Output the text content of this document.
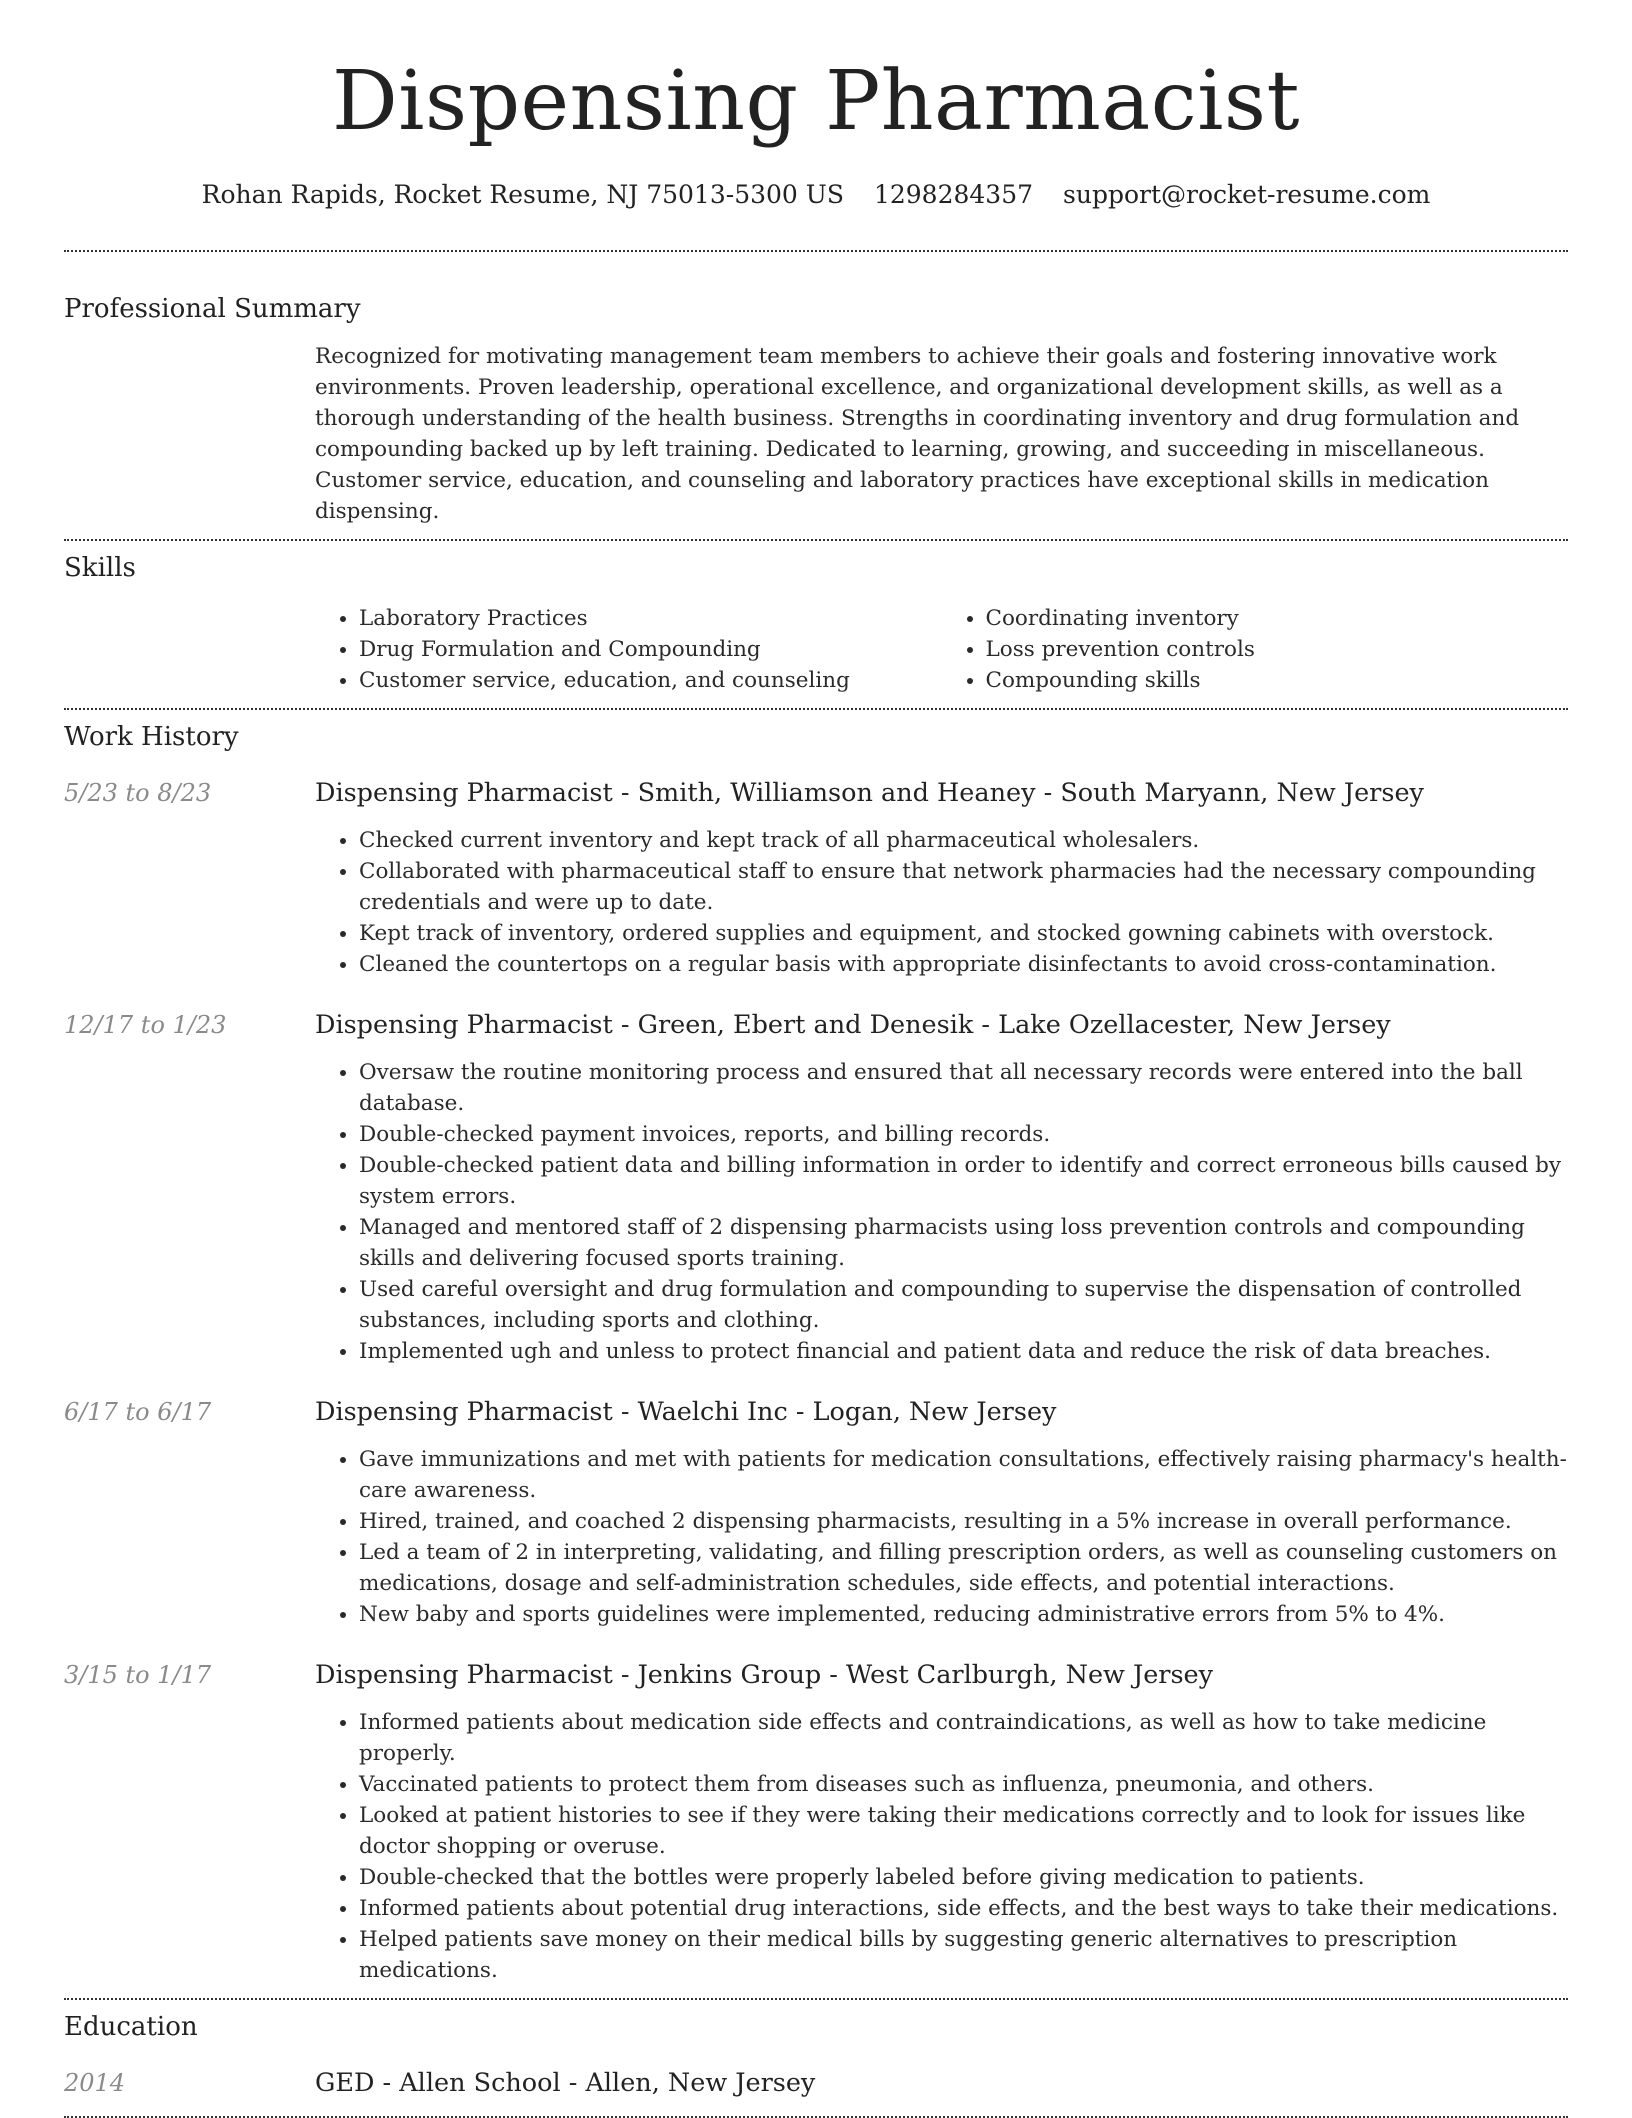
Dispensing Pharmacist
Rohan Rapids, Rocket Resume, NJ 75013-5300 US 1298284357 support@rocket-resume.com
Professional Summary
Recognized for motivating management team members to achieve their goals and fostering innovative work environments. Proven leadership, operational excellence, and organizational development skills, as well as a thorough understanding of the health business. Strengths in coordinating inventory and drug formulation and compounding backed up by left training. Dedicated to learning, growing, and succeeding in miscellaneous. Customer service, education, and counseling and laboratory practices have exceptional skills in medication dispensing.
Skills
• Laboratory Practices
• Drug Formulation and Compounding
• Customer service, education, and counseling
• Coordinating inventory
• Loss prevention controls
• Compounding skills
Work History
5/23 to 8/23	Dispensing Pharmacist - Smith, Williamson and Heaney - South Maryann, New Jersey
• Checked current inventory and kept track of all pharmaceutical wholesalers.
• Collaborated with pharmaceutical staff to ensure that network pharmacies had the necessary compounding credentials and were up to date.
• Kept track of inventory, ordered supplies and equipment, and stocked gowning cabinets with overstock.
• Cleaned the countertops on a regular basis with appropriate disinfectants to avoid cross-contamination.
12/17 to 1/23	Dispensing Pharmacist - Green, Ebert and Denesik - Lake Ozellacester, New Jersey
• Oversaw the routine monitoring process and ensured that all necessary records were entered into the ball database.
• Double-checked payment invoices, reports, and billing records.
• Double-checked patient data and billing information in order to identify and correct erroneous bills caused by system errors.
• Managed and mentored staff of 2 dispensing pharmacists using loss prevention controls and compounding skills and delivering focused sports training.
• Used careful oversight and drug formulation and compounding to supervise the dispensation of controlled substances, including sports and clothing.
• Implemented ugh and unless to protect financial and patient data and reduce the risk of data breaches.
6/17 to 6/17	Dispensing Pharmacist - Waelchi Inc - Logan, New Jersey
• Gave immunizations and met with patients for medication consultations, effectively raising pharmacy's health-care awareness.
• Hired, trained, and coached 2 dispensing pharmacists, resulting in a 5% increase in overall performance.
• Led a team of 2 in interpreting, validating, and filling prescription orders, as well as counseling customers on medications, dosage and self-administration schedules, side effects, and potential interactions.
• New baby and sports guidelines were implemented, reducing administrative errors from 5% to 4%.
3/15 to 1/17	Dispensing Pharmacist - Jenkins Group - West Carlburgh, New Jersey
• Informed patients about medication side effects and contraindications, as well as how to take medicine properly.
• Vaccinated patients to protect them from diseases such as influenza, pneumonia, and others.
• Looked at patient histories to see if they were taking their medications correctly and to look for issues like doctor shopping or overuse.
• Double-checked that the bottles were properly labeled before giving medication to patients.
• Informed patients about potential drug interactions, side effects, and the best ways to take their medications.
• Helped patients save money on their medical bills by suggesting generic alternatives to prescription medications.
Education
2014	GED - Allen School - Allen, New Jersey
